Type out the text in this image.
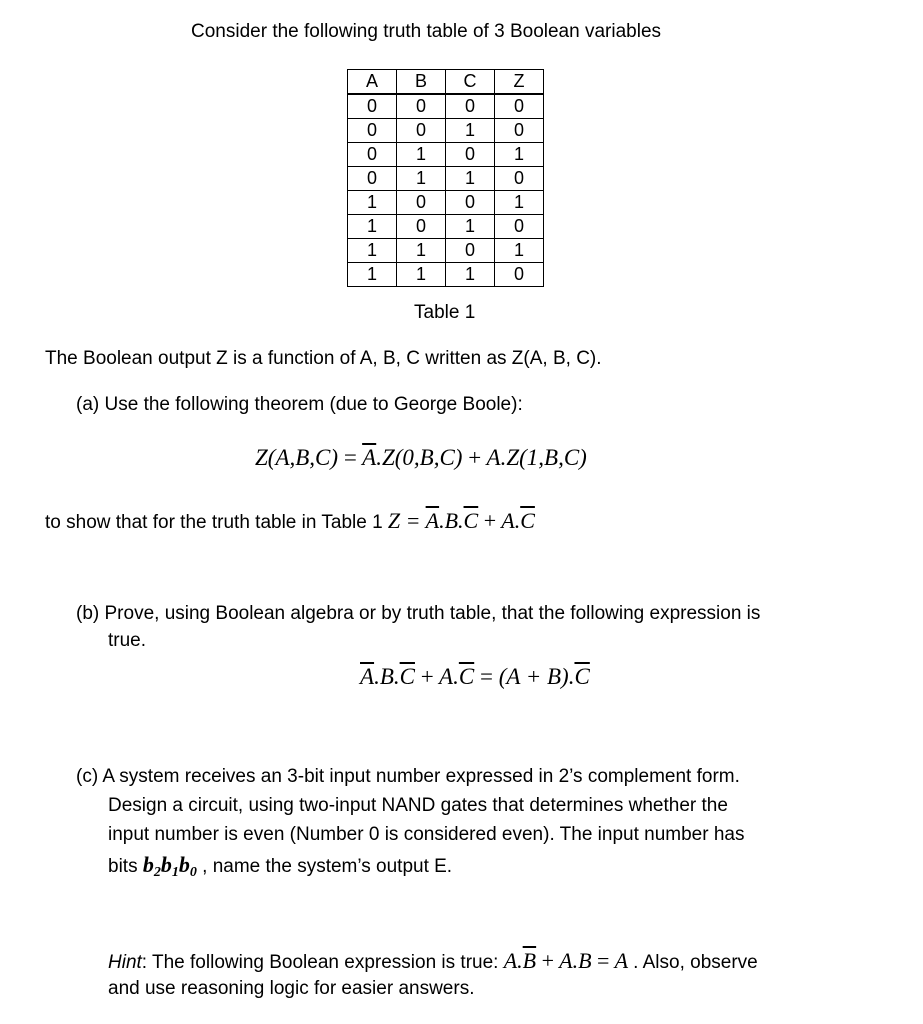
Consider the following truth table of 3 Boolean variables
A	B	C	Z
0	0	0	0
0	0	1	0
0	1	0	1
0	1	1	0
1	0	0	1
1	0	1	0
1	1	0	1
1	1	1	0
Table 1
The Boolean output Z is a function of A, B, C written as Z(A, B, C).
(a) Use the following theorem (due to George Boole):
$Z(A,B,C) = \overline{A}.Z(0,B,C) + A.Z(1,B,C)$
to show that for the truth table in Table 1 $Z = \overline{A}.B.\overline{C} + A.\overline{C}$
(b) Prove, using Boolean algebra or by truth table, that the following expression is
true.
$\overline{A}.B.\overline{C} + A.\overline{C} = (A + B).\overline{C}$
(c) A system receives an 3-bit input number expressed in 2’s complement form.
Design a circuit, using two-input NAND gates that determines whether the
input number is even (Number 0 is considered even). The input number has
bits $b_2b_1b_0$ , name the system’s output E.
Hint: The following Boolean expression is true: $A.\overline{B} + A.B = A$ . Also, observe
and use reasoning logic for easier answers.
